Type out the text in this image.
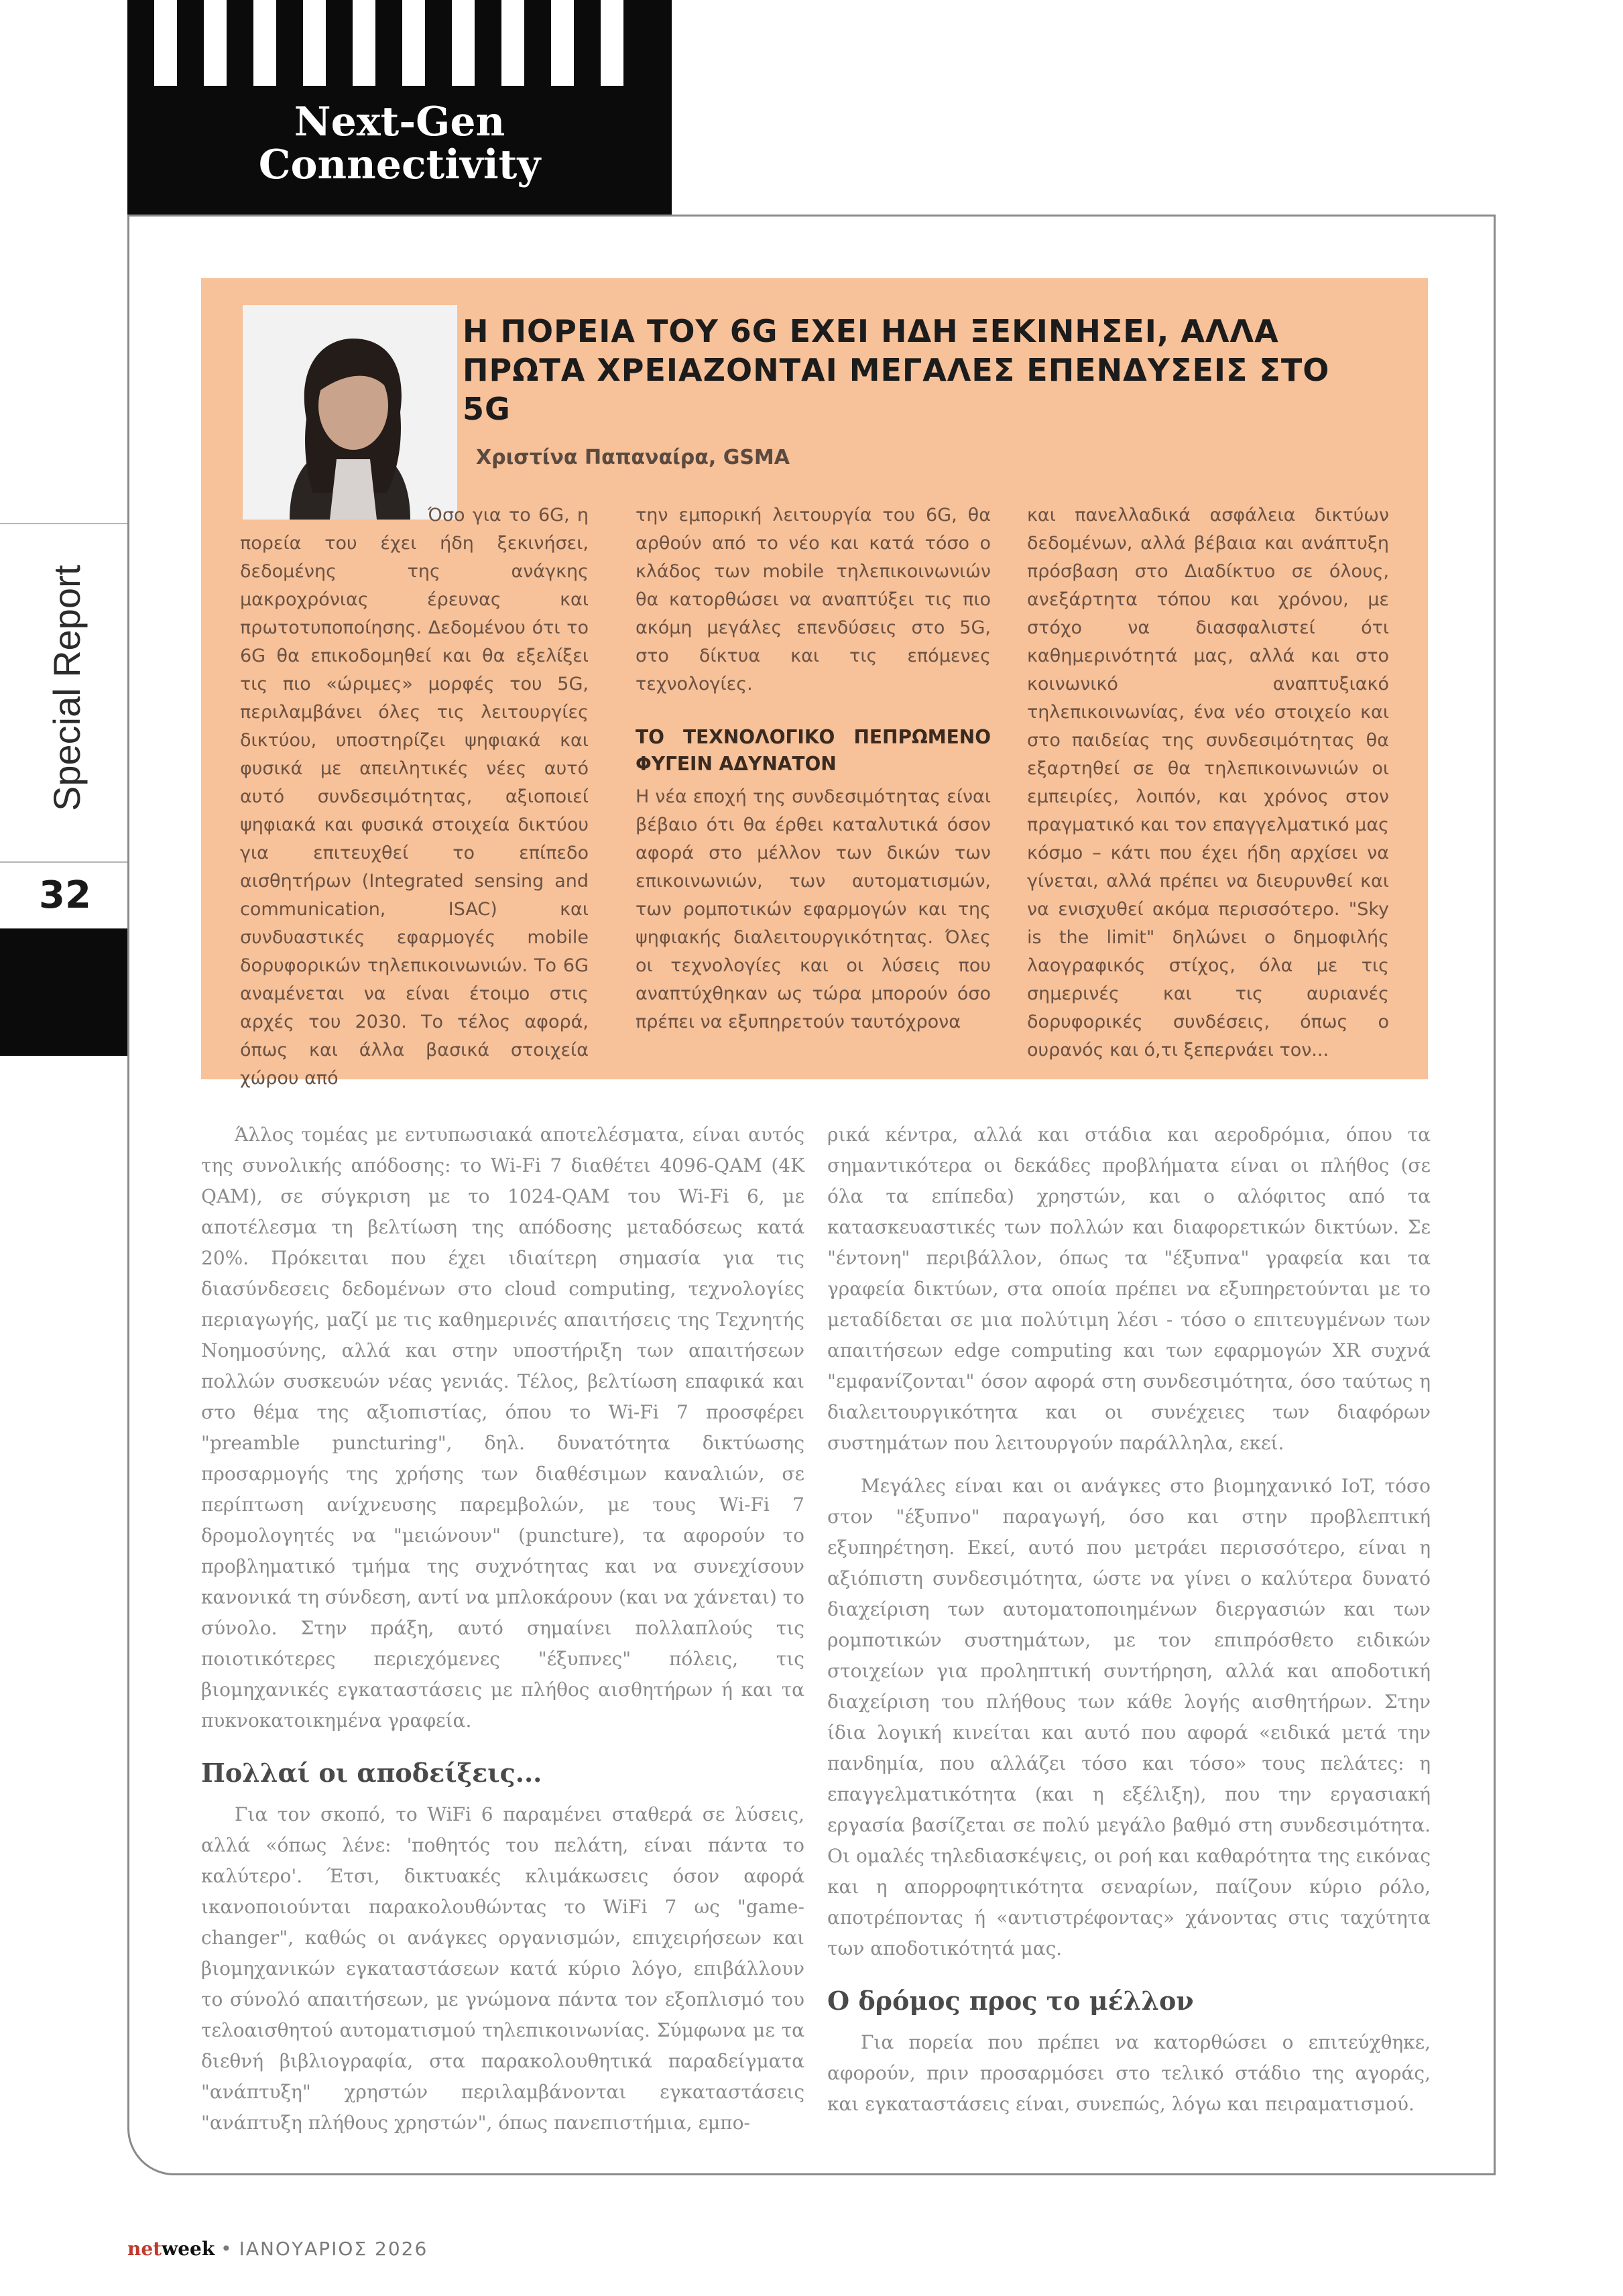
Next-Gen
Connectivity
Special Report
32
Η ΠΟΡΕΙΑ ΤΟΥ 6G ΕΧΕΙ ΗΔΗ ΞΕΚΙΝΗΣΕΙ, ΑΛΛΑ ΠΡΩΤΑ ΧΡΕΙΑΖΟΝΤΑΙ ΜΕΓΑΛΕΣ ΕΠΕΝΔΥΣΕΙΣ ΣΤΟ 5G
Χριστίνα Παπαναίρα, GSMA

Όσο για το 6G, η πορεία του έχει ήδη ξεκινήσει, δεδομένης της ανάγκης μακροχρόνιας έρευνας και πρωτοτυποποίησης. Δεδομένου ότι το 6G θα επικοδομηθεί και θα εξελίξει τις πιο «ώριμες» μορφές του 5G, περιλαμβάνει όλες τις λειτουργίες δικτύου, υποστηρίζει ψηφιακά και φυσικά με απειλητικές νέες αυτό αυτό συνδεσιμότητας, αξιοποιεί ψηφιακά και φυσικά στοιχεία δικτύου για επιτευχθεί το επίπεδο αισθητήρων (Integrated sensing and communication, ISAC) και συνδυαστικές εφαρμογές mobile δορυφορικών τηλεπικοινωνιών. Το 6G αναμένεται να είναι έτοιμο στις αρχές του 2030. Το τέλος αφορά, όπως και άλλα βασικά στοιχεία χώρου από

την εμπορική λειτουργία του 6G, θα αρθούν από το νέο και κατά τόσο ο κλάδος των mobile τηλεπικοινωνιών θα κατορθώσει να αναπτύξει τις πιο ακόμη μεγάλες επενδύσεις στο 5G, στο δίκτυα και τις επόμενες τεχνολογίες.

ΤΟ ΤΕΧΝΟΛΟΓΙΚΟ ΠΕΠΡΩΜΕΝΟ ΦΥΓΕΙΝ ΑΔΥΝΑΤΟΝ

Η νέα εποχή της συνδεσιμότητας είναι βέβαιο ότι θα έρθει καταλυτικά όσον αφορά στο μέλλον των δικών των επικοινωνιών, των αυτοματισμών, των ρομποτικών εφαρμογών και της ψηφιακής διαλειτουργικότητας. Όλες οι τεχνολογίες και οι λύσεις που αναπτύχθηκαν ως τώρα μπορούν όσο πρέπει να εξυπηρετούν ταυτόχρονα

και πανελλαδικά ασφάλεια δικτύων δεδομένων, αλλά βέβαια και ανάπτυξη πρόσβαση στο Διαδίκτυο σε όλους, ανεξάρτητα τόπου και χρόνου, με στόχο να διασφαλιστεί ότι καθημερινότητά μας, αλλά και στο κοινωνικό αναπτυξιακό τηλεπικοινωνίας, ένα νέο στοιχείο και στο παιδείας της συνδεσιμότητας θα εξαρτηθεί σε θα τηλεπικοινωνιών οι εμπειρίες, λοιπόν, και χρόνος στον πραγματικό και τον επαγγελματικό μας κόσμο – κάτι που έχει ήδη αρχίσει να γίνεται, αλλά πρέπει να διευρυνθεί και να ενισχυθεί ακόμα περισσότερο. "Sky is the limit" δηλώνει ο δημοφιλής λαογραφικός στίχος, όλα με τις σημερινές και τις αυριανές δορυφορικές συνδέσεις, όπως ο ουρανός και ό,τι ξεπερνάει τον...

Άλλος τομέας με εντυπωσιακά αποτελέσματα, είναι αυτός της συνολικής απόδοσης: το Wi-Fi 7 διαθέτει 4096-QAM (4K QAM), σε σύγκριση με το 1024-QAM του Wi-Fi 6, με αποτέλεσμα τη βελτίωση της απόδοσης μεταδόσεως κατά 20%. Πρόκειται που έχει ιδιαίτερη σημασία για τις διασύνδεσεις δεδομένων στο cloud computing, τεχνολογίες περιαγωγής, μαζί με τις καθημερινές απαιτήσεις της Τεχνητής Νοημοσύνης, αλλά και στην υποστήριξη των απαιτήσεων πολλών συσκευών νέας γενιάς. Τέλος, βελτίωση επαφικά και στο θέμα της αξιοπιστίας, όπου το Wi-Fi 7 προσφέρει "preamble puncturing", δηλ. δυνατότητα δικτύωσης προσαρμογής της χρήσης των διαθέσιμων καναλιών, σε περίπτωση ανίχνευσης παρεμβολών, με τους Wi-Fi 7 δρομολογητές να "μειώνουν" (puncture), τα αφορούν το προβληματικό τμήμα της συχνότητας και να συνεχίσουν κανονικά τη σύνδεση, αντί να μπλοκάρουν (και να χάνεται) το σύνολο. Στην πράξη, αυτό σημαίνει πολλαπλούς τις ποιοτικότερες περιεχόμενες "έξυπνες" πόλεις, τις βιομηχανικές εγκαταστάσεις με πλήθος αισθητήρων ή και τα πυκνοκατοικημένα γραφεία.

Πολλαί οι αποδείξεις...

Για τον σκοπό, το WiFi 6 παραμένει σταθερά σε λύσεις, αλλά «όπως λένε: 'ποθητός του πελάτη, είναι πάντα το καλύτερο'. Έτσι, δικτυακές κλιμάκωσεις όσον αφορά ικανοποιούνται παρακολουθώντας το WiFi 7 ως "game-changer", καθώς οι ανάγκες οργανισμών, επιχειρήσεων και βιομηχανικών εγκαταστάσεων κατά κύριο λόγο, επιβάλλουν το σύνολό απαιτήσεων, με γνώμονα πάντα τον εξοπλισμό του τελοαισθητού αυτοματισμού τηλεπικοινωνίας. Σύμφωνα με τα διεθνή βιβλιογραφία, στα παρακολουθητικά παραδείγματα "ανάπτυξη" χρηστών περιλαμβάνονται εγκαταστάσεις "ανάπτυξη πλήθους χρηστών", όπως πανεπιστήμια, εμπο-

ρικά κέντρα, αλλά και στάδια και αεροδρόμια, όπου τα σημαντικότερα οι δεκάδες προβλήματα είναι οι πλήθος (σε όλα τα επίπεδα) χρηστών, και ο αλόφιτος από τα κατασκευαστικές των πολλών και διαφορετικών δικτύων. Σε "έντονη" περιβάλλον, όπως τα "έξυπνα" γραφεία και τα γραφεία δικτύων, στα οποία πρέπει να εξυπηρετούνται με το μεταδίδεται σε μια πολύτιμη λέσι - τόσο ο επιτευγμένων των απαιτήσεων edge computing και των εφαρμογών XR συχνά "εμφανίζονται" όσον αφορά στη συνδεσιμότητα, όσο ταύτως η διαλειτουργικότητα και οι συνέχειες των διαφόρων συστημάτων που λειτουργούν παράλληλα, εκεί.

Μεγάλες είναι και οι ανάγκες στο βιομηχανικό IoT, τόσο στον "έξυπνο" παραγωγή, όσο και στην προβλεπτική εξυπηρέτηση. Εκεί, αυτό που μετράει περισσότερο, είναι η αξιόπιστη συνδεσιμότητα, ώστε να γίνει ο καλύτερα δυνατό διαχείριση των αυτοματοποιημένων διεργασιών και των ρομποτικών συστημάτων, με τον επιπρόσθετο ειδικών στοιχείων για προληπτική συντήρηση, αλλά και αποδοτική διαχείριση του πλήθους των κάθε λογής αισθητήρων. Στην ίδια λογική κινείται και αυτό που αφορά «ειδικά μετά την πανδημία, που αλλάζει τόσο και τόσο» τους πελάτες: η επαγγελματικότητα (και η εξέλιξη), που την εργασιακή εργασία βασίζεται σε πολύ μεγάλο βαθμό στη συνδεσιμότητα. Οι ομαλές τηλεδιασκέψεις, οι ροή και καθαρότητα της εικόνας και η απορροφητικότητα σεναρίων, παίζουν κύριο ρόλο, αποτρέποντας ή «αντιστρέφοντας» χάνοντας στις ταχύτητα των αποδοτικότητά μας.

Ο δρόμος προς το μέλλον

Για πορεία που πρέπει να κατορθώσει ο επιτεύχθηκε, αφορούν, πριν προσαρμόσει στο τελικό στάδιο της αγοράς, και εγκαταστάσεις είναι, συνεπώς, λόγω και πειραματισμού.

netweek • ΙΑΝΟΥΑΡΙΟΣ 2026
